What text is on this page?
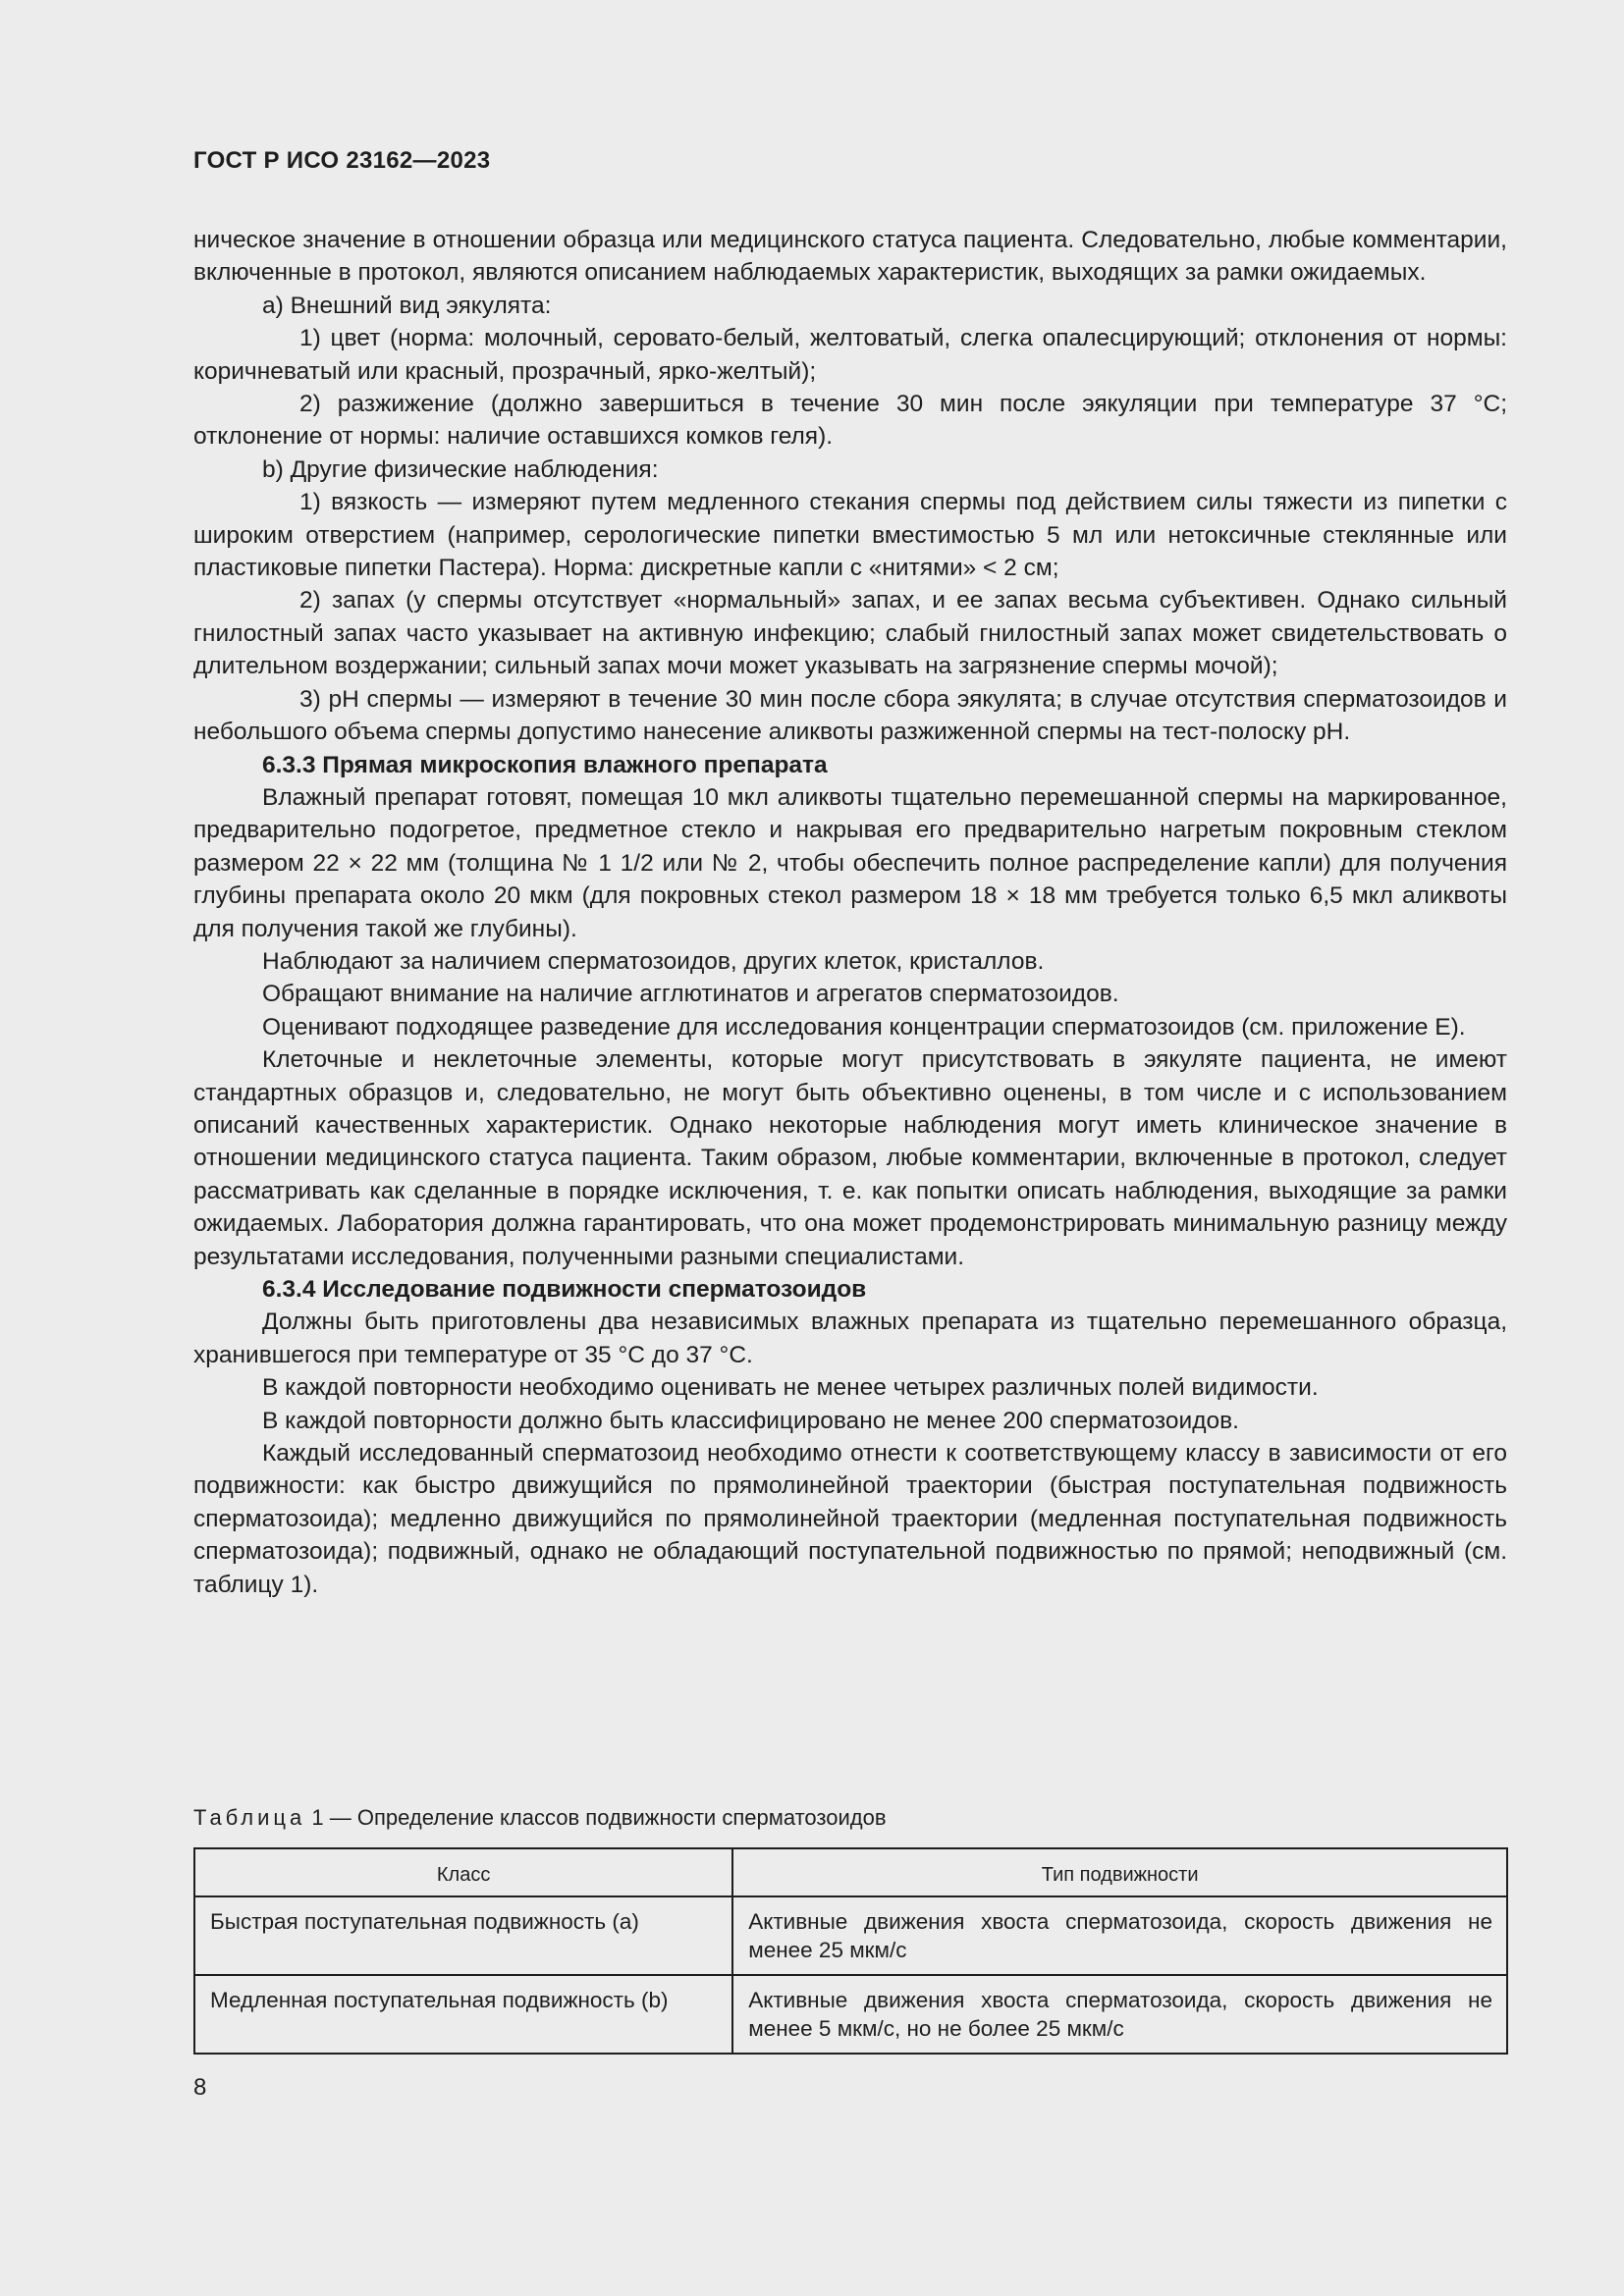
ГОСТ Р ИСО 23162—2023

ническое значение в отношении образца или медицинского статуса пациента. Следовательно, любые комментарии, включенные в протокол, являются описанием наблюдаемых характеристик, выходящих за рамки ожидаемых.

a) Внешний вид эякулята:

1) цвет (норма: молочный, серовато-белый, желтоватый, слегка опалесцирующий; отклонения от нормы: коричневатый или красный, прозрачный, ярко-желтый);

2) разжижение (должно завершиться в течение 30 мин после эякуляции при температуре 37 °С; отклонение от нормы: наличие оставшихся комков геля).

b) Другие физические наблюдения:

1) вязкость — измеряют путем медленного стекания спермы под действием силы тяжести из пипетки с широким отверстием (например, серологические пипетки вместимостью 5 мл или нетоксичные стеклянные или пластиковые пипетки Пастера). Норма: дискретные капли с «нитями» < 2 см;

2) запах (у спермы отсутствует «нормальный» запах, и ее запах весьма субъективен. Однако сильный гнилостный запах часто указывает на активную инфекцию; слабый гнилостный запах может свидетельствовать о длительном воздержании; сильный запах мочи может указывать на загрязнение спермы мочой);

3) рН спермы — измеряют в течение 30 мин после сбора эякулята; в случае отсутствия сперматозоидов и небольшого объема спермы допустимо нанесение аликвоты разжиженной спермы на тест-полоску рН.

6.3.3 Прямая микроскопия влажного препарата

Влажный препарат готовят, помещая 10 мкл аликвоты тщательно перемешанной спермы на маркированное, предварительно подогретое, предметное стекло и накрывая его предварительно нагретым покровным стеклом размером 22 × 22 мм (толщина № 1 1/2 или № 2, чтобы обеспечить полное распределение капли) для получения глубины препарата около 20 мкм (для покровных стекол размером 18 × 18 мм требуется только 6,5 мкл аликвоты для получения такой же глубины).

Наблюдают за наличием сперматозоидов, других клеток, кристаллов.

Обращают внимание на наличие агглютинатов и агрегатов сперматозоидов.

Оценивают подходящее разведение для исследования концентрации сперматозоидов (см. приложение Е).

Клеточные и неклеточные элементы, которые могут присутствовать в эякуляте пациента, не имеют стандартных образцов и, следовательно, не могут быть объективно оценены, в том числе и с использованием описаний качественных характеристик. Однако некоторые наблюдения могут иметь клиническое значение в отношении медицинского статуса пациента. Таким образом, любые комментарии, включенные в протокол, следует рассматривать как сделанные в порядке исключения, т. е. как попытки описать наблюдения, выходящие за рамки ожидаемых. Лаборатория должна гарантировать, что она может продемонстрировать минимальную разницу между результатами исследования, полученными разными специалистами.

6.3.4 Исследование подвижности сперматозоидов

Должны быть приготовлены два независимых влажных препарата из тщательно перемешанного образца, хранившегося при температуре от 35 °С до 37 °С.

В каждой повторности необходимо оценивать не менее четырех различных полей видимости.

В каждой повторности должно быть классифицировано не менее 200 сперматозоидов.

Каждый исследованный сперматозоид необходимо отнести к соответствующему классу в зависимости от его подвижности: как быстро движущийся по прямолинейной траектории (быстрая поступательная подвижность сперматозоида); медленно движущийся по прямолинейной траектории (медленная поступательная подвижность сперматозоида); подвижный, однако не обладающий поступательной подвижностью по прямой; неподвижный (см. таблицу 1).

Таблица 1 — Определение классов подвижности сперматозоидов
Класс	Тип подвижности
Быстрая поступательная подвижность (a)	Активные движения хвоста сперматозоида, скорость движения не менее 25 мкм/с
Медленная поступательная подвижность (b)	Активные движения хвоста сперматозоида, скорость движения не менее 5 мкм/с, но не более 25 мкм/с
8
